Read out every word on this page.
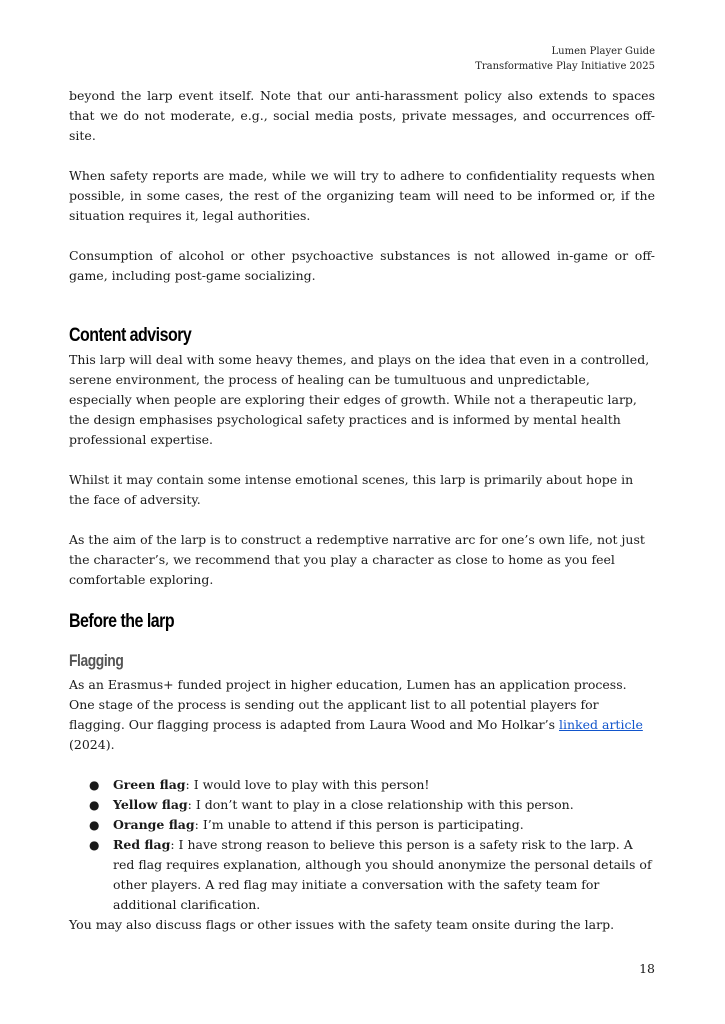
Lumen Player Guide
Transformative Play Initiative 2025

beyond the larp event itself. Note that our anti-harassment policy also extends to spaces that we do not moderate, e.g., social media posts, private messages, and occurrences off-site.

When safety reports are made, while we will try to adhere to confidentiality requests when possible, in some cases, the rest of the organizing team will need to be informed or, if the situation requires it, legal authorities.

Consumption of alcohol or other psychoactive substances is not allowed in-game or off-game, including post-game socializing.

Content advisory

This larp will deal with some heavy themes, and plays on the idea that even in a controlled, serene environment, the process of healing can be tumultuous and unpredictable, especially when people are exploring their edges of growth. While not a therapeutic larp, the design emphasises psychological safety practices and is informed by mental health professional expertise.

Whilst it may contain some intense emotional scenes, this larp is primarily about hope in the face of adversity.

As the aim of the larp is to construct a redemptive narrative arc for one’s own life, not just the character’s, we recommend that you play a character as close to home as you feel comfortable exploring.

Before the larp
Flagging

As an Erasmus+ funded project in higher education, Lumen has an application process. One stage of the process is sending out the applicant list to all potential players for flagging. Our flagging process is adapted from Laura Wood and Mo Holkar’s linked article (2024).

● Green flag: I would love to play with this person!
● Yellow flag: I don’t want to play in a close relationship with this person.
● Orange flag: I’m unable to attend if this person is participating.
● Red flag: I have strong reason to believe this person is a safety risk to the larp. A red flag requires explanation, although you should anonymize the personal details of other players. A red flag may initiate a conversation with the safety team for additional clarification.

You may also discuss flags or other issues with the safety team onsite during the larp.

18
